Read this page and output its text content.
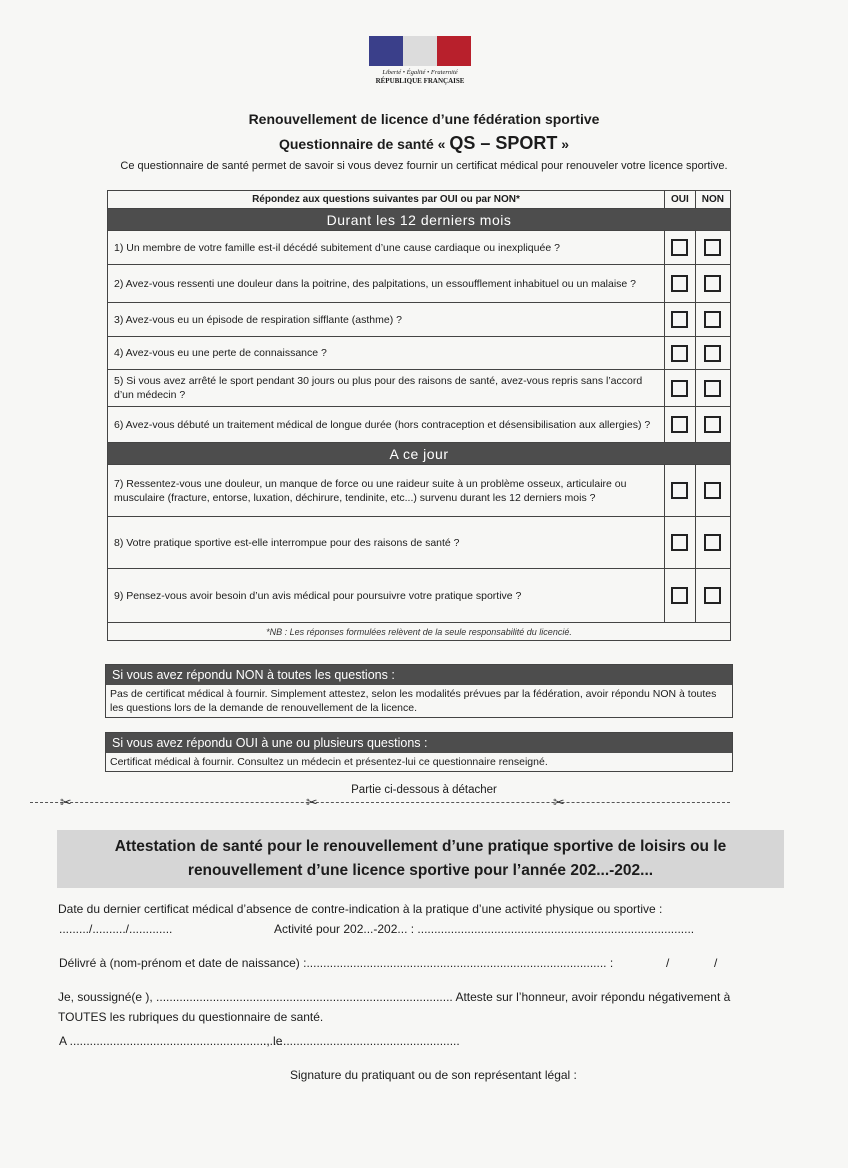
Liberté • Égalité • Fraternité
RÉPUBLIQUE FRANÇAISE
Renouvellement de licence d’une fédération sportive
Questionnaire de santé « QS – SPORT »
Ce questionnaire de santé permet de savoir si vous devez fournir un certificat médical pour renouveler votre licence sportive.
Répondez aux questions suivantes par OUI ou par NON*	OUI	NON
Durant les 12 derniers mois		
1) Un membre de votre famille est-il décédé subitement d’une cause cardiaque ou inexpliquée ?		
2) Avez-vous ressenti une douleur dans la poitrine, des palpitations, un essoufflement inhabituel ou un malaise ?		
3) Avez-vous eu un épisode de respiration sifflante (asthme) ?		
4) Avez-vous eu une perte de connaissance ?		
5) Si vous avez arrêté le sport pendant 30 jours ou plus pour des raisons de santé, avez-vous repris sans l’accord d’un médecin ?		
6) Avez-vous débuté un traitement médical de longue durée (hors contraception et désensibilisation aux allergies) ?		
A ce jour		
7) Ressentez-vous une douleur, un manque de force ou une raideur suite à un problème osseux, articulaire ou musculaire (fracture, entorse, luxation, déchirure, tendinite, etc...) survenu durant les 12 derniers mois ?		
8) Votre pratique sportive est-elle interrompue pour des raisons de santé ?		
9) Pensez-vous avoir besoin d’un avis médical pour poursuivre votre pratique sportive ?		
*NB : Les réponses formulées relèvent de la seule responsabilité du licencié.		
Si vous avez répondu NON à toutes les questions :
Pas de certificat médical à fournir. Simplement attestez, selon les modalités prévues par la fédération, avoir répondu NON à toutes les questions lors de la demande de renouvellement de la licence.
Si vous avez répondu OUI à une ou plusieurs questions :
Certificat médical à fournir. Consultez un médecin et présentez-lui ce questionnaire renseigné.
Partie ci-dessous à détacher
✂	✂	✂
Attestation de santé pour le renouvellement d’une pratique sportive de loisirs ou le
renouvellement d’une licence sportive pour l’année 202...-202...
Date du dernier certificat médical d’absence de contre-indication à la pratique d’une activité physique ou sportive :
........./........../.............	Activité pour 202...-202... : ...................................................................................
Délivré à (nom-prénom et date de naissance) :.......................................................................................... :	/	/
Je, soussigné(e ), ......................................................................................... Atteste sur l’honneur, avoir répondu négativement à
TOUTES les rubriques du questionnaire de santé.
A ..........................................................., le
...........................................................
Signature du pratiquant ou de son représentant légal :
